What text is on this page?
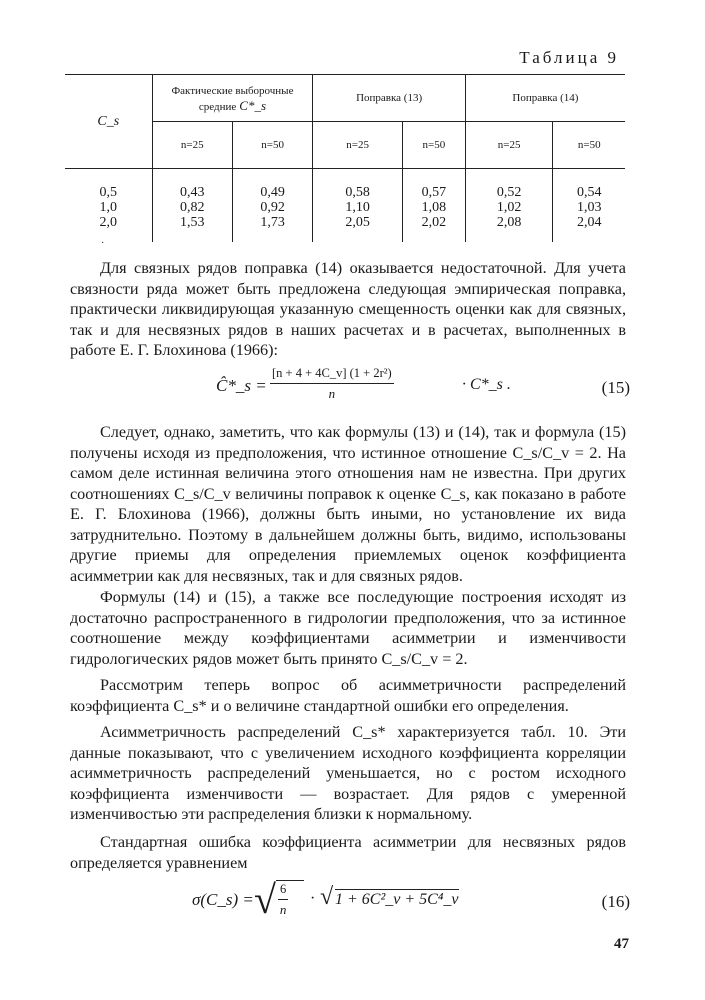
Таблица 9
C_s	Фактические выборочные средние C*_s		Поправка (13)		Поправка (14)	
	n=25	n=50	n=25	n=50	n=25	n=50
0,5	0,43	0,49	0,58	0,57	0,52	0,54
1,0	0,82	0,92	1,10	1,08	1,02	1,03
2,0	1,53	1,73	2,05	2,02	2,08	2,04
·

Для связных рядов поправка (14) оказывается недостаточной. Для учета связности ряда может быть предложена следующая эмпирическая поправка, практически ликвидирующая указанную смещенность оценки как для связных, так и для несвязных рядов в наших расчетах и в расчетах, выполненных в работе Е. Г. Блохинова (1966):

Ĉ*_s = $\frac{\text{[n + 4 + 4C\_v] (1 + 2r²)}}{n}$	· C*_s .	(15)

Следует, однако, заметить, что как формулы (13) и (14), так и формула (15) получены исходя из предположения, что истинное отношение C_s/C_v = 2. На самом деле истинная величина этого отношения нам не известна. При других соотношениях C_s/C_v величины поправок к оценке C_s, как показано в работе Е. Г. Блохинова (1966), должны быть иными, но установление их вида затруднительно. Поэтому в дальнейшем должны быть, видимо, использованы другие приемы для определения приемлемых оценок коэффициента асимметрии как для несвязных, так и для связных рядов.

Формулы (14) и (15), а также все последующие построения исходят из достаточно распространенного в гидрологии предположения, что за истинное соотношение между коэффициентами асимметрии и изменчивости гидрологических рядов может быть принято C_s/C_v = 2.

Рассмотрим теперь вопрос об асимметричности распределений коэффициента C_s* и о величине стандартной ошибки его определения.

Асимметричность распределений C_s* характеризуется табл. 10. Эти данные показывают, что с увеличением исходного коэффициента корреляции асимметричность распределений уменьшается, но с ростом исходного коэффициента изменчивости — возрастает. Для рядов с умеренной изменчивостью эти распределения близки к нормальному.

Стандартная ошибка коэффициента асимметрии для несвязных рядов определяется уравнением

σ(C_s) = √ $\frac{6}{n}$ · √ 1 + 6C²_v + 5C⁴_v	(16)
47
